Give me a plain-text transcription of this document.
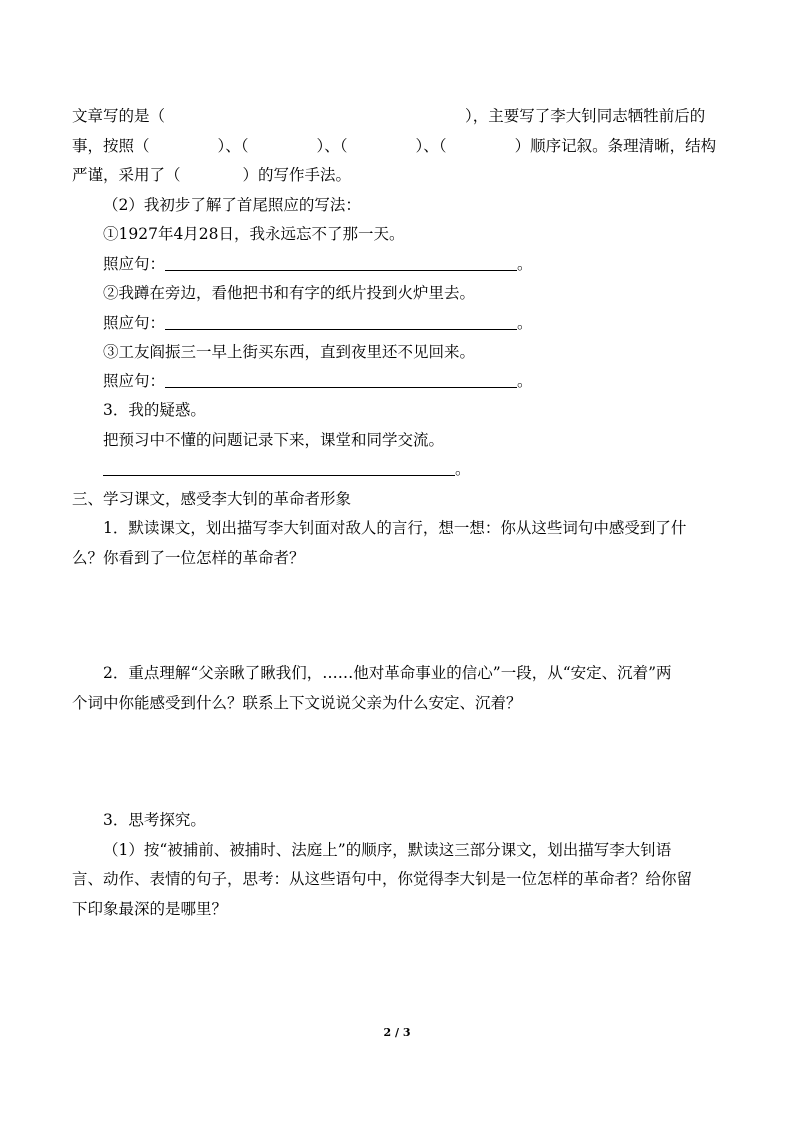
文章写的是（	），主要写了李大钊同志牺牲前后的
事，按照（	）、（	）、（	）、（	）顺序记叙。条理清晰，结构
严谨，采用了（	）的写作手法。
（2）我初步了解了首尾照应的写法：
①1927年4月28日，我永远忘不了那一天。
照应句：	。
②我蹲在旁边，看他把书和有字的纸片投到火炉里去。
照应句：	。
③工友阎振三一早上街买东西，直到夜里还不见回来。
照应句：	。
3．我的疑惑。
把预习中不懂的问题记录下来，课堂和同学交流。
。
三、学习课文，感受李大钊的革命者形象
1．默读课文，划出描写李大钊面对敌人的言行，想一想：你从这些词句中感受到了什
么？你看到了一位怎样的革命者？
2．重点理解“父亲瞅了瞅我们，……他对革命事业的信心”一段，从“安定、沉着”两
个词中你能感受到什么？联系上下文说说父亲为什么安定、沉着？
3．思考探究。
（1）按“被捕前、被捕时、法庭上”的顺序，默读这三部分课文，划出描写李大钊语
言、动作、表情的句子，思考：从这些语句中，你觉得李大钊是一位怎样的革命者？给你留
下印象最深的是哪里？
2 / 3
